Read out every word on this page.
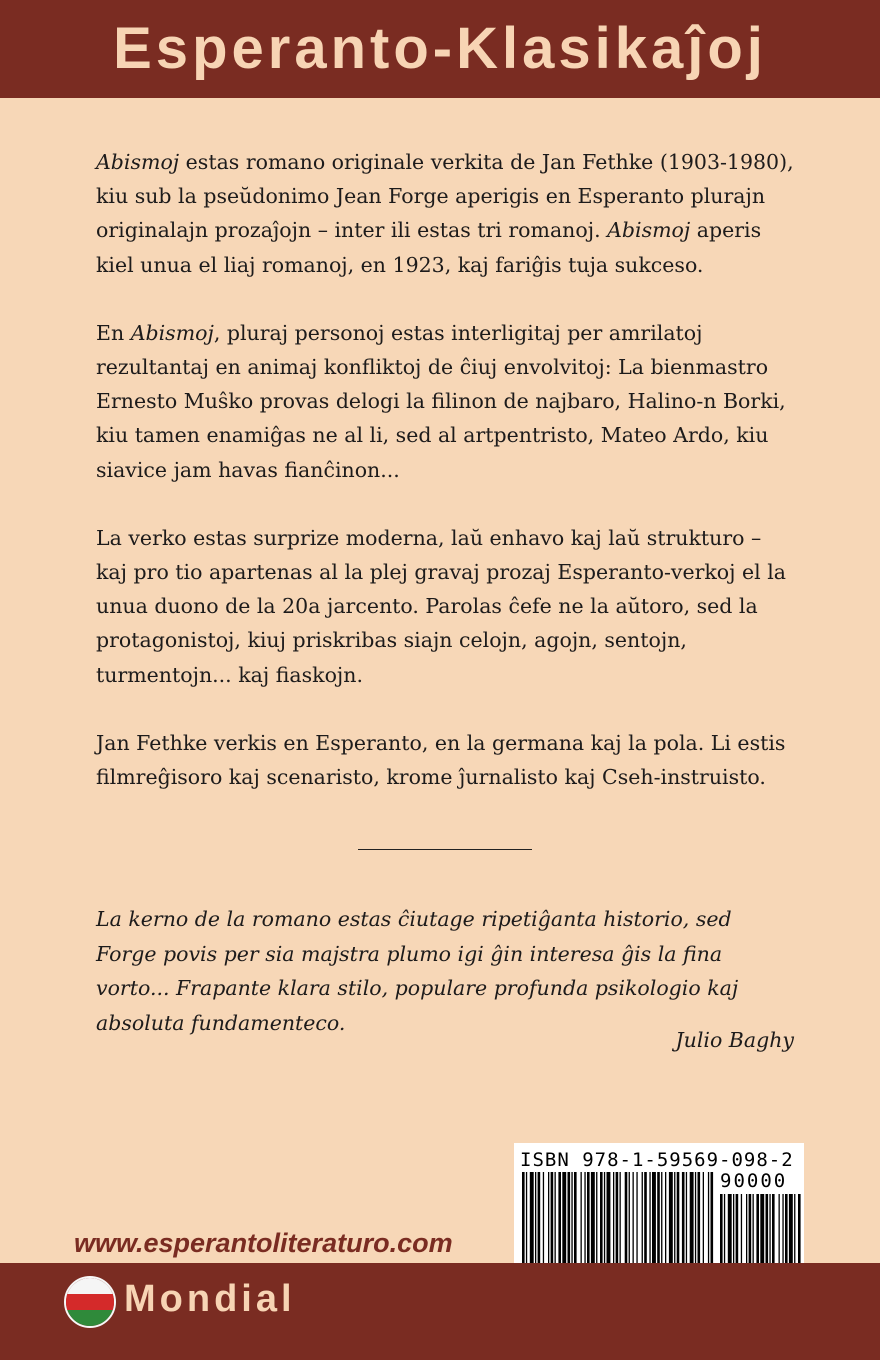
Esperanto-Klasikaĵoj

Abismoj estas romano originale verkita de Jan Fethke (1903-1980), kiu sub la pseŭdonimo Jean Forge aperigis en Esperanto plurajn originalajn prozaĵojn – inter ili estas tri romanoj. Abismoj aperis kiel unua el liaj romanoj, en 1923, kaj fariĝis tuja sukceso.

En Abismoj, pluraj personoj estas interligitaj per amrilatoj rezultantaj en animaj konfliktoj de ĉiuj envolvitoj: La bienmastro Ernesto Muŝko provas delogi la filinon de najbaro, Halino-n Borki, kiu tamen enamiĝas ne al li, sed al artpentristo, Mateo Ardo, kiu siavice jam havas fianĉinon...

La verko estas surprize moderna, laŭ enhavo kaj laŭ strukturo – kaj pro tio apartenas al la plej gravaj prozaj Esperanto-verkoj el la unua duono de la 20a jarcento. Parolas ĉefe ne la aŭtoro, sed la protagonistoj, kiuj priskribas siajn celojn, agojn, sentojn, turmentojn... kaj fiaskojn.

Jan Fethke verkis en Esperanto, en la germana kaj la pola. Li estis filmreĝisoro kaj scenaristo, krome ĵurnalisto kaj Cseh-instruisto.

La kerno de la romano estas ĉiutage ripetiĝanta historio, sed Forge povis per sia majstra plumo igi ĝin interesa ĝis la fina vorto... Frapante klara stilo, populare profunda psikologio kaj absoluta fundamenteco.
Julio Baghy
www.esperantoliteraturo.com
ISBN 978-1-59569-098-2
90000
Mondial
